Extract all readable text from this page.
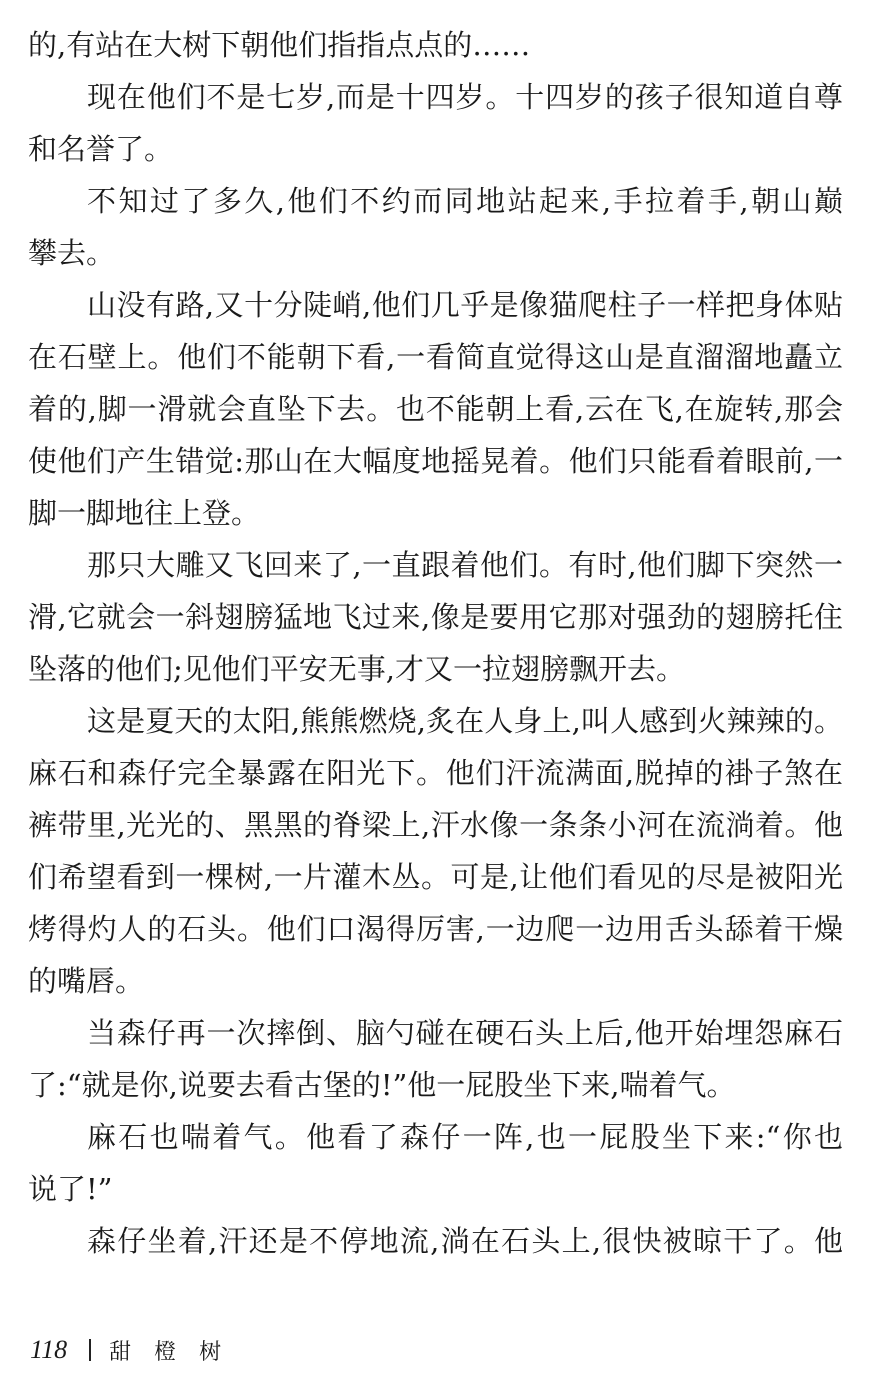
的,有站在大树下朝他们指指点点的……
现在他们不是七岁,而是十四岁。十四岁的孩子很知道自尊
和名誉了。
不知过了多久,他们不约而同地站起来,手拉着手,朝山巅
攀去。
山没有路,又十分陡峭,他们几乎是像猫爬柱子一样把身体贴
在石壁上。他们不能朝下看,一看简直觉得这山是直溜溜地矗立
着的,脚一滑就会直坠下去。也不能朝上看,云在飞,在旋转,那会
使他们产生错觉:那山在大幅度地摇晃着。他们只能看着眼前,一
脚一脚地往上登。
那只大雕又飞回来了,一直跟着他们。有时,他们脚下突然一
滑,它就会一斜翅膀猛地飞过来,像是要用它那对强劲的翅膀托住
坠落的他们;见他们平安无事,才又一拉翅膀飘开去。
这是夏天的太阳,熊熊燃烧,炙在人身上,叫人感到火辣辣的。
麻石和森仔完全暴露在阳光下。他们汗流满面,脱掉的褂子煞在
裤带里,光光的、黑黑的脊梁上,汗水像一条条小河在流淌着。他
们希望看到一棵树,一片灌木丛。可是,让他们看见的尽是被阳光
烤得灼人的石头。他们口渴得厉害,一边爬一边用舌头舔着干燥
的嘴唇。
当森仔再一次摔倒、脑勺碰在硬石头上后,他开始埋怨麻石
了:“就是你,说要去看古堡的!”他一屁股坐下来,喘着气。
麻石也喘着气。他看了森仔一阵,也一屁股坐下来:“你也
说了!”
森仔坐着,汗还是不停地流,淌在石头上,很快被晾干了。他
118 甜 橙 树
